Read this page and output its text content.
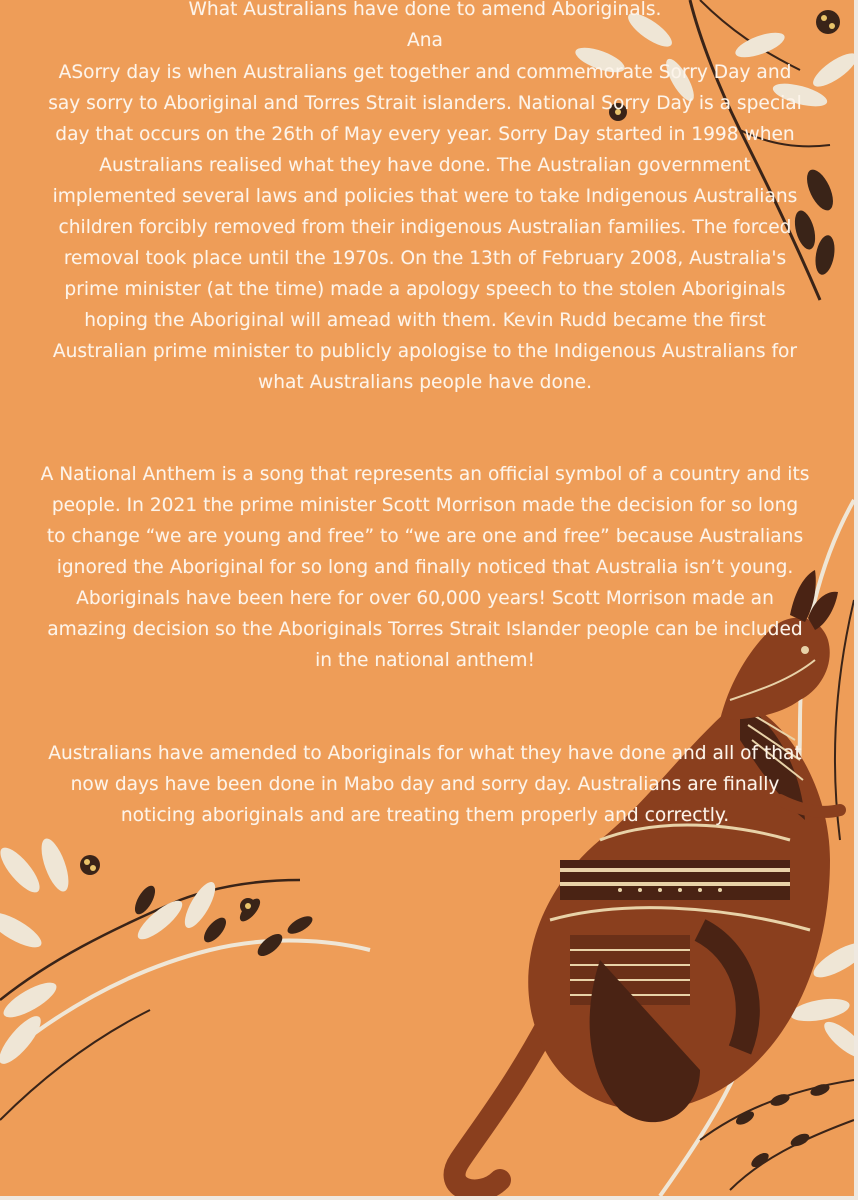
What Australians have done to amend Aboriginals.
Ana

ASorry day is when Australians get together and commemorate Sorry Day and say sorry to Aboriginal and Torres Strait islanders. National Sorry Day is a special day that occurs on the 26th of May every year. Sorry Day started in 1998 when Australians realised what they have done. The Australian government implemented several laws and policies that were to take Indigenous Australians children forcibly removed from their indigenous Australian families. The forced removal took place until the 1970s. On the 13th of February 2008, Australia's prime minister (at the time) made a apology speech to the stolen Aboriginals hoping the Aboriginal will amead with them. Kevin Rudd became the first Australian prime minister to publicly apologise to the Indigenous Australians for what Australians people have done.

A National Anthem is a song that represents an official symbol of a country and its people. In 2021 the prime minister Scott Morrison made the decision for so long to change “we are young and free” to “we are one and free” because Australians ignored the Aboriginal for so long and finally noticed that Australia isn’t young. Aboriginals have been here for over 60,000 years! Scott Morrison made an amazing decision so the Aboriginals Torres Strait Islander people can be included in the national anthem!

Australians have amended to Aboriginals for what they have done and all of that now days have been done in Mabo day and sorry day. Australians are finally noticing aboriginals and are treating them properly and correctly.
